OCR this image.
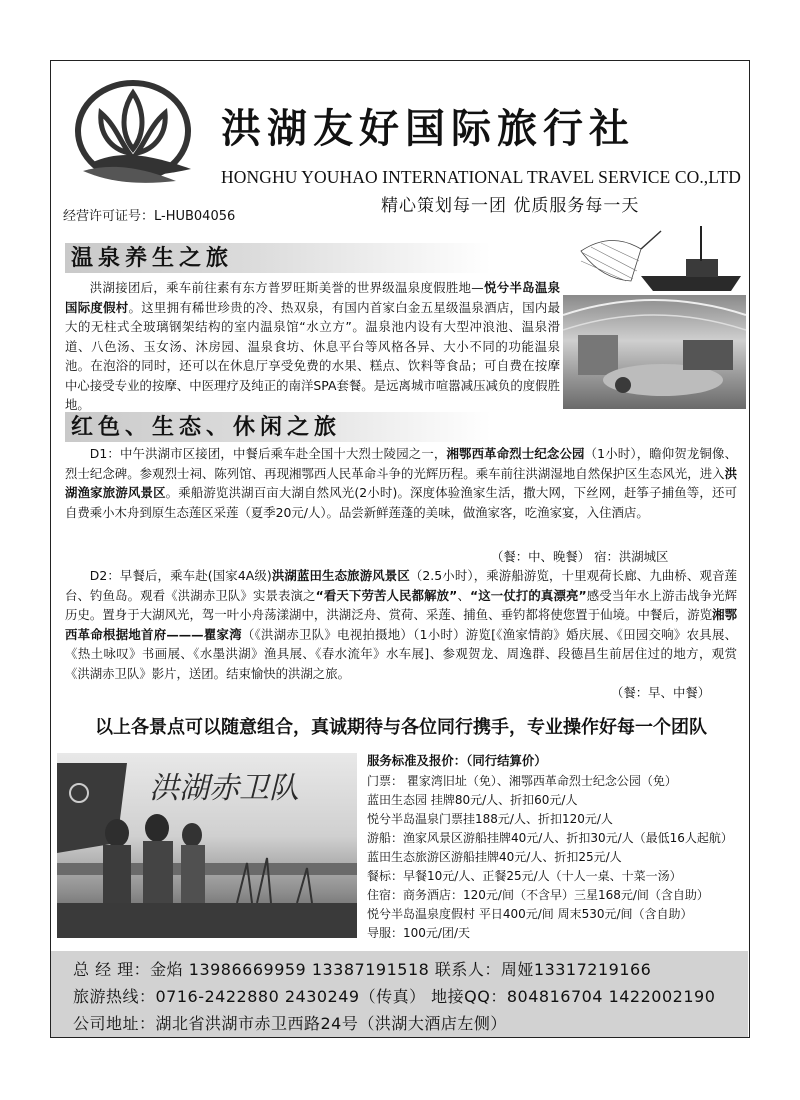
洪湖友好国际旅行社
HONGHU YOUHAO INTERNATIONAL TRAVEL SERVICE CO.,LTD
经营许可证号：L-HUB04056
精心策划每一团 优质服务每一天
温泉养生之旅

洪湖接团后，乘车前往素有东方普罗旺斯美誉的世界级温泉度假胜地—悦兮半岛温泉国际度假村。这里拥有稀世珍贵的冷、热双泉，有国内首家白金五星级温泉酒店，国内最大的无柱式全玻璃钢架结构的室内温泉馆“水立方”。温泉池内设有大型冲浪池、温泉滑道、八色汤、玉女汤、沐房园、温泉食坊、休息平台等风格各异、大小不同的功能温泉池。在泡浴的同时，还可以在休息厅享受免费的水果、糕点、饮料等食品；可自费在按摩中心接受专业的按摩、中医理疗及纯正的南洋SPA套餐。是远离城市喧嚣减压减负的度假胜地。

红色、生态、休闲之旅

D1：中午洪湖市区接团，中餐后乘车赴全国十大烈士陵园之一，湘鄂西革命烈士纪念公园（1小时），瞻仰贺龙铜像、烈士纪念碑。参观烈士祠、陈列馆、再现湘鄂西人民革命斗争的光辉历程。乘车前往洪湖湿地自然保护区生态风光，进入洪湖渔家旅游风景区。乘船游览洪湖百亩大湖自然风光(2小时)。深度体验渔家生活，撒大网，下丝网，赶筝子捕鱼等，还可自费乘小木舟到原生态莲区采莲（夏季20元/人）。品尝新鲜莲蓬的美味，做渔家客，吃渔家宴，入住酒店。

（餐：中、晚餐） 宿：洪湖城区

D2：早餐后，乘车赴(国家4A级)洪湖蓝田生态旅游风景区（2.5小时），乘游船游览，十里观荷长廊、九曲桥、观音莲台、钓鱼岛。观看《洪湖赤卫队》实景表演之“看天下劳苦人民都解放”、“这一仗打的真漂亮”感受当年水上游击战争光辉历史。置身于大湖风光，驾一叶小舟荡漾湖中，洪湖泛舟、赏荷、采莲、捕鱼、垂钓都将使您置于仙境。中餐后，游览湘鄂西革命根据地首府———瞿家湾（《洪湖赤卫队》电视拍摄地）（1小时）游览[《渔家情韵》婚庆展、《田园交响》农具展、《热土咏叹》书画展、《水墨洪湖》渔具展、《春水流年》水车展]、参观贺龙、周逸群、段德昌生前居住过的地方，观赏《洪湖赤卫队》影片，送团。结束愉快的洪湖之旅。

（餐：早、中餐）
以上各景点可以随意组合，真诚期待与各位同行携手，专业操作好每一个团队
洪湖赤卫队
服务标准及报价：（同行结算价）
门票： 瞿家湾旧址（免）、湘鄂西革命烈士纪念公园（免）
蓝田生态园 挂牌80元/人、折扣60元/人
悦兮半岛温泉门票挂188元/人、折扣120元/人
游船：渔家风景区游船挂牌40元/人、折扣30元/人（最低16人起航）
蓝田生态旅游区游船挂牌40元/人、折扣25元/人
餐标：早餐10元/人、正餐25元/人（十人一桌、十菜一汤）
住宿：商务酒店：120元/间（不含早）三星168元/间（含自助）
悦兮半岛温泉度假村 平日400元/间 周末530元/间（含自助）
导服：100元/团/天
总 经 理：金焰 13986669959 13387191518 联系人：周娅13317219166
旅游热线：0716-2422880 2430249（传真） 地接QQ：804816704 1422002190
公司地址：湖北省洪湖市赤卫西路24号（洪湖大酒店左侧）
